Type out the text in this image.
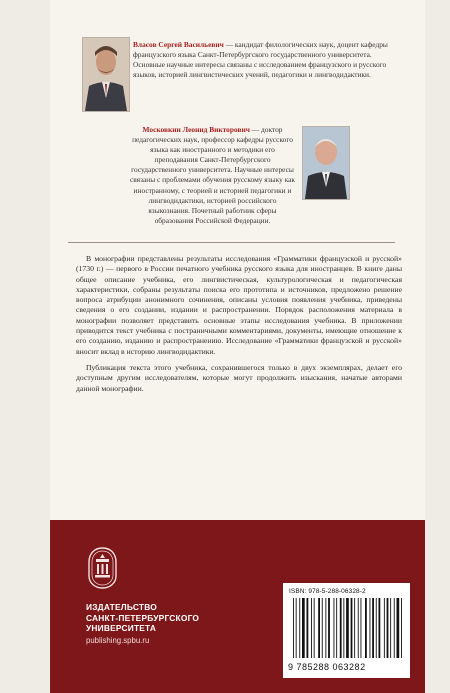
Власов Сергей Васильевич — кандидат филологических наук, доцент кафедры французского языка Санкт-Петербургского государственного университета. Основные научные интересы связаны с исследованием французского и русского языков, историей лингвистических учений, педагогики и лингводидактики.
Московкин Леонид Викторович — доктор педагогических наук, профессор кафедры русского языка как иностранного и методики его преподавания Санкт-Петербургского государственного университета. Научные интересы связаны с проблемами обучения русскому языку как иностранному, с теорией и историей педагогики и лингводидактики, историей российского языкознания. Почетный работник сферы образования Российской Федерации.

В монографии представлены результаты исследования «Грамматики французской и русской» (1730 г.) — первого в России печатного учебника русского языка для иностранцев. В книге даны общее описание учебника, его лингвистическая, культурологическая и педагогическая характеристики, собраны результаты поиска его прототипа и источников, предложено решение вопроса атрибуции анонимного сочинения, описаны условия появления учебника, приведены сведения о его создании, издании и распространении. Порядок расположения материала в монографии позволяет представить основные этапы исследования учебника. В приложении приводится текст учебника с постраничными комментариями, документы, имеющие отношение к его созданию, изданию и распространению. Исследование «Грамматики французской и русской» вносит вклад в историю лингводидактики.

Публикация текста этого учебника, сохранившегося только в двух экземплярах, делает его доступным другим исследователям, которые могут продолжить изыскания, начатые авторами данной монографии.

ИЗДАТЕЛЬСТВО
САНКТ-ПЕТЕРБУРГСКОГО
УНИВЕРСИТЕТА
publishing.spbu.ru
ISBN: 978-5-288-06328-2
9 785288 063282
